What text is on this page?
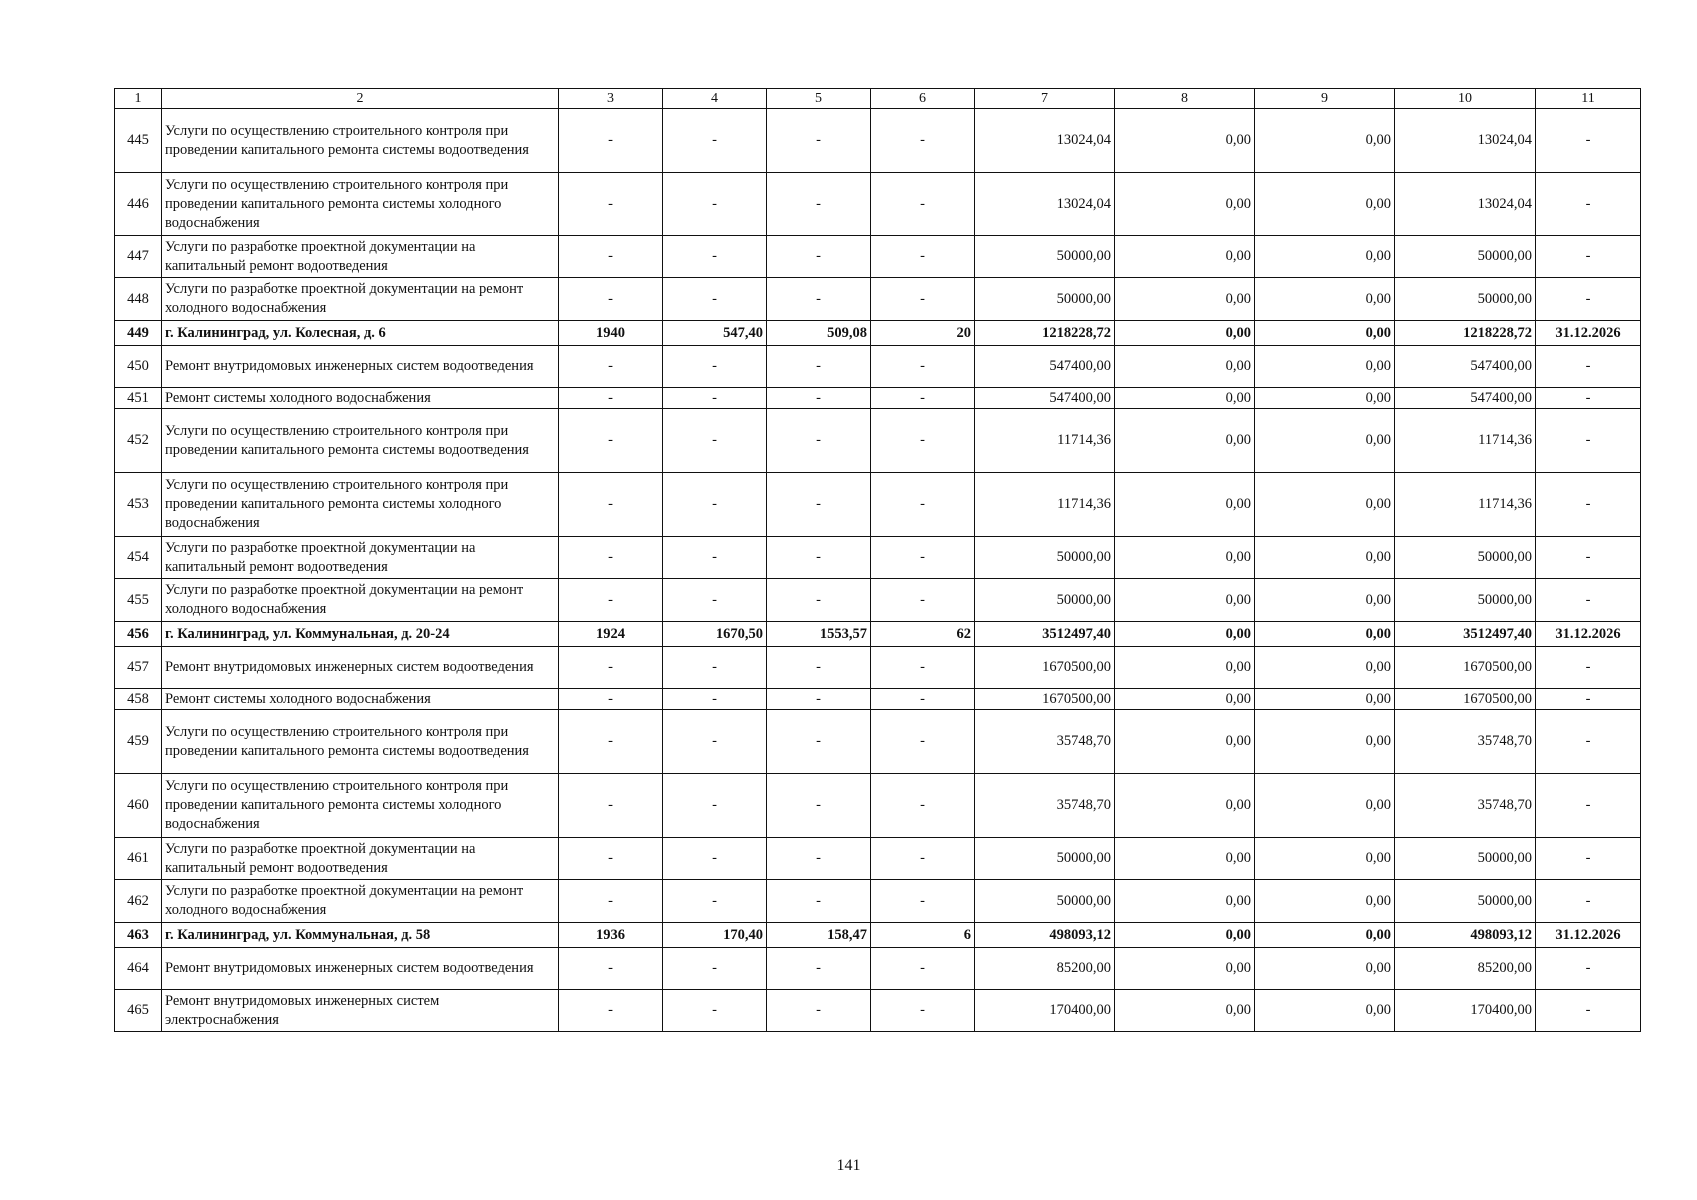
1	2	3	4	5	6	7	8	9	10	11
445	Услуги по осуществлению строительного контроля при проведении капитального ремонта системы водоотведения	-	-	-	-	13024,04	0,00	0,00	13024,04	-
446	Услуги по осуществлению строительного контроля при проведении капитального ремонта системы холодного водоснабжения	-	-	-	-	13024,04	0,00	0,00	13024,04	-
447	Услуги по разработке проектной документации на капитальный ремонт водоотведения	-	-	-	-	50000,00	0,00	0,00	50000,00	-
448	Услуги по разработке проектной документации на ремонт холодного водоснабжения	-	-	-	-	50000,00	0,00	0,00	50000,00	-
449	г. Калининград, ул. Колесная, д. 6	1940	547,40	509,08	20	1218228,72	0,00	0,00	1218228,72	31.12.2026
450	Ремонт внутридомовых инженерных систем водоотведения	-	-	-	-	547400,00	0,00	0,00	547400,00	-
451	Ремонт системы холодного водоснабжения	-	-	-	-	547400,00	0,00	0,00	547400,00	-
452	Услуги по осуществлению строительного контроля при проведении капитального ремонта системы водоотведения	-	-	-	-	11714,36	0,00	0,00	11714,36	-
453	Услуги по осуществлению строительного контроля при проведении капитального ремонта системы холодного водоснабжения	-	-	-	-	11714,36	0,00	0,00	11714,36	-
454	Услуги по разработке проектной документации на капитальный ремонт водоотведения	-	-	-	-	50000,00	0,00	0,00	50000,00	-
455	Услуги по разработке проектной документации на ремонт холодного водоснабжения	-	-	-	-	50000,00	0,00	0,00	50000,00	-
456	г. Калининград, ул. Коммунальная, д. 20-24	1924	1670,50	1553,57	62	3512497,40	0,00	0,00	3512497,40	31.12.2026
457	Ремонт внутридомовых инженерных систем водоотведения	-	-	-	-	1670500,00	0,00	0,00	1670500,00	-
458	Ремонт системы холодного водоснабжения	-	-	-	-	1670500,00	0,00	0,00	1670500,00	-
459	Услуги по осуществлению строительного контроля при проведении капитального ремонта системы водоотведения	-	-	-	-	35748,70	0,00	0,00	35748,70	-
460	Услуги по осуществлению строительного контроля при проведении капитального ремонта системы холодного водоснабжения	-	-	-	-	35748,70	0,00	0,00	35748,70	-
461	Услуги по разработке проектной документации на капитальный ремонт водоотведения	-	-	-	-	50000,00	0,00	0,00	50000,00	-
462	Услуги по разработке проектной документации на ремонт холодного водоснабжения	-	-	-	-	50000,00	0,00	0,00	50000,00	-
463	г. Калининград, ул. Коммунальная, д. 58	1936	170,40	158,47	6	498093,12	0,00	0,00	498093,12	31.12.2026
464	Ремонт внутридомовых инженерных систем водоотведения	-	-	-	-	85200,00	0,00	0,00	85200,00	-
465	Ремонт внутридомовых инженерных систем электроснабжения	-	-	-	-	170400,00	0,00	0,00	170400,00	-
141
